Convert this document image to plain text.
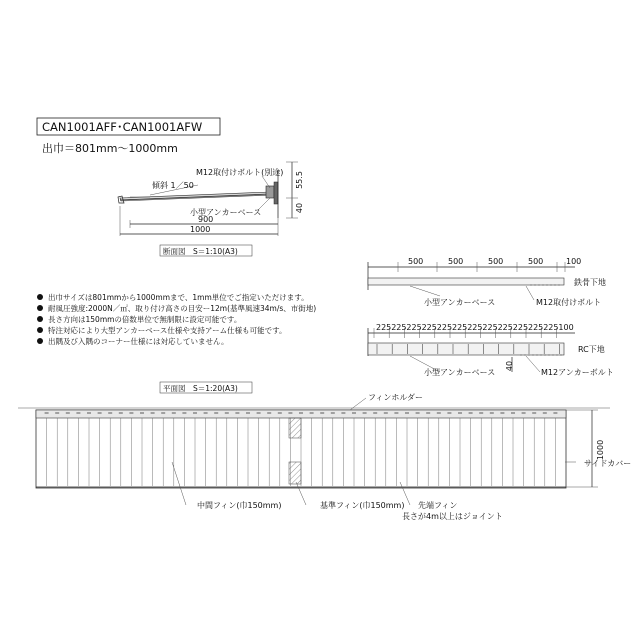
CAN1001AFF･CAN1001AFW
出巾＝801mm〜1000mm
M12取付けボルト(別途)
傾斜 1／50
小型アンカーベース
900
1000
55.5
40
断面図　S＝1:10(A3)
500	500	500	500	100
鉄骨下地
小型アンカーベース	M12取付けボルト
225 225 225 225 225 225 225 225 225 225 225 225 100
RC下地
小型アンカーベース	M12アンカーボルト
40
出巾サイズは801mmから1000mmまで、1mm単位でご指定いただけます。
耐風圧強度:2000N／㎡、取り付け高さの目安ー12m(基準風速34m/s、市街地)
長さ方向は150mmの倍数単位で無制限に設定可能です。
特注対応により大型アンカーベース仕様や支持アーム仕様も可能です。
出隅及び入隅のコーナー仕様には対応していません。
平面図　S＝1:20(A3)
フィンホルダー
1000
サイドカバー
中間フィン(巾150mm)	基準フィン(巾150mm) 先端フィン
長さが4m以上はジョイント
